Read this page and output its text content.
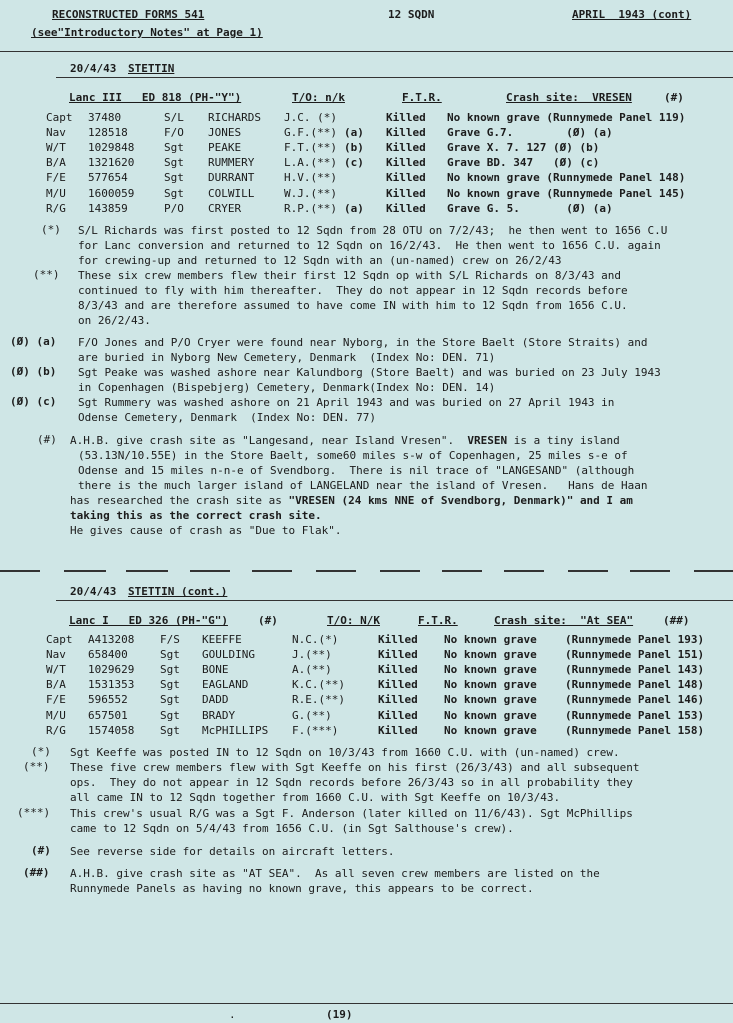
RECONSTRUCTED FORMS 541	12 SQDN	APRIL  1943 (cont)
(see"Introductory Notes" at Page 1)
20/4/43 STETTIN
Lanc III   ED 818 (PH-"Y")	T/O: n/k	F.T.R.	Crash site:  VRESEN	(#)
Capt 37480	S/L RICHARDS J.C. (*)	Killed No known grave (Runnymede Panel 119)
Nav 128518	F/O JONES	G.F.(**) (a) Killed Grave G.7.        (Ø) (a)
W/T 1029848	Sgt PEAKE	F.T.(**) (b) Killed Grave X. 7. 127 (Ø) (b)
B/A 1321620	Sgt RUMMERY	L.A.(**) (c) Killed Grave BD. 347   (Ø) (c)
F/E 577654	Sgt DURRANT	H.V.(**)	Killed No known grave (Runnymede Panel 148)
M/U 1600059	Sgt COLWILL	W.J.(**)	Killed No known grave (Runnymede Panel 145)
R/G 143859	P/O CRYER	R.P.(**) (a) Killed Grave G. 5.       (Ø) (a)
(*) S/L Richards was first posted to 12 Sqdn from 28 OTU on 7/2/43;  he then went to 1656 C.U
for Lanc conversion and returned to 12 Sqdn on 16/2/43.  He then went to 1656 C.U. again
for crewing-up and returned to 12 Sqdn with an (un-named) crew on 26/2/43
(**) These six crew members flew their first 12 Sqdn op with S/L Richards on 8/3/43 and
continued to fly with him thereafter.  They do not appear in 12 Sqdn records before
8/3/43 and are therefore assumed to have come IN with him to 12 Sqdn from 1656 C.U.
on 26/2/43.
(Ø) (a) F/O Jones and P/O Cryer were found near Nyborg, in the Store Baelt (Store Straits) and
are buried in Nyborg New Cemetery, Denmark  (Index No: DEN. 71)
(Ø) (b) Sgt Peake was washed ashore near Kalundborg (Store Baelt) and was buried on 23 July 1943
in Copenhagen (Bispebjerg) Cemetery, Denmark(Index No: DEN. 14)
(Ø) (c) Sgt Rummery was washed ashore on 21 April 1943 and was buried on 27 April 1943 in
Odense Cemetery, Denmark  (Index No: DEN. 77)
(#) A.H.B. give crash site as "Langesand, near Island Vresen".  VRESEN is a tiny island
(53.13N/10.55E) in the Store Baelt, some60 miles s-w of Copenhagen, 25 miles s-e of
Odense and 15 miles n-n-e of Svendborg.  There is nil trace of "LANGESAND" (although
there is the much larger island of LANGELAND near the island of Vresen.   Hans de Haan
has researched the crash site as "VRESEN (24 kms NNE of Svendborg, Denmark)" and I am
taking this as the correct crash site.
He gives cause of crash as "Due to Flak".
20/4/43 STETTIN (cont.)
Lanc I   ED 326 (PH-"G")	(#)	T/O: N/K	F.T.R.	Crash site:  "At SEA"	(##)
Capt A413208 F/S KEEFFE	N.C.(*)	Killed No known grave	(Runnymede Panel 193)
Nav 658400	Sgt GOULDING	J.(**)	Killed No known grave	(Runnymede Panel 151)
W/T 1029629 Sgt BONE	A.(**)	Killed No known grave	(Runnymede Panel 143)
B/A 1531353 Sgt EAGLAND	K.C.(**)	Killed No known grave	(Runnymede Panel 148)
F/E 596552	Sgt DADD	R.E.(**)	Killed No known grave	(Runnymede Panel 146)
M/U 657501	Sgt BRADY	G.(**)	Killed No known grave	(Runnymede Panel 153)
R/G 1574058 Sgt McPHILLIPS F.(***)	Killed No known grave	(Runnymede Panel 158)
(*) Sgt Keeffe was posted IN to 12 Sqdn on 10/3/43 from 1660 C.U. with (un-named) crew.
(**) These five crew members flew with Sgt Keeffe on his first (26/3/43) and all subsequent
ops.  They do not appear in 12 Sqdn records before 26/3/43 so in all probability they
all came IN to 12 Sqdn together from 1660 C.U. with Sgt Keeffe on 10/3/43.
(***) This crew's usual R/G was a Sgt F. Anderson (later killed on 11/6/43). Sgt McPhillips
came to 12 Sqdn on 5/4/43 from 1656 C.U. (in Sgt Salthouse's crew).
(#) See reverse side for details on aircraft letters.
(##) A.H.B. give crash site as "AT SEA".  As all seven crew members are listed on the
Runnymede Panels as having no known grave, this appears to be correct.
.	(19)
